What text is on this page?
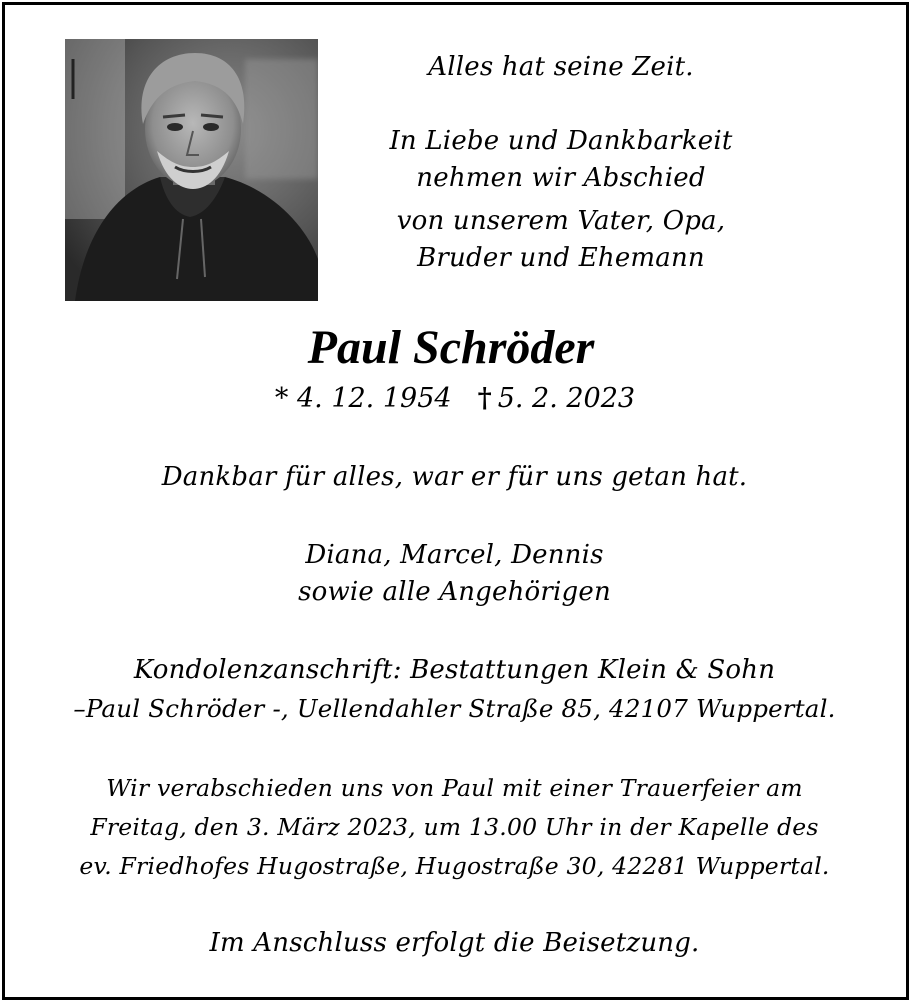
Alles hat seine Zeit.
In Liebe und Dankbarkeit
nehmen wir Abschied
von unserem Vater, Opa,
Bruder und Ehemann
Paul Schröder
* 4. 12. 1954 † 5. 2. 2023
Dankbar für alles, war er für uns getan hat.
Diana, Marcel, Dennis
sowie alle Angehörigen
Kondolenzanschrift: Bestattungen Klein & Sohn
–Paul Schröder -, Uellendahler Straße 85, 42107 Wuppertal.
Wir verabschieden uns von Paul mit einer Trauerfeier am
Freitag, den 3. März 2023, um 13.00 Uhr in der Kapelle des
ev. Friedhofes Hugostraße, Hugostraße 30, 42281 Wuppertal.
Im Anschluss erfolgt die Beisetzung.
